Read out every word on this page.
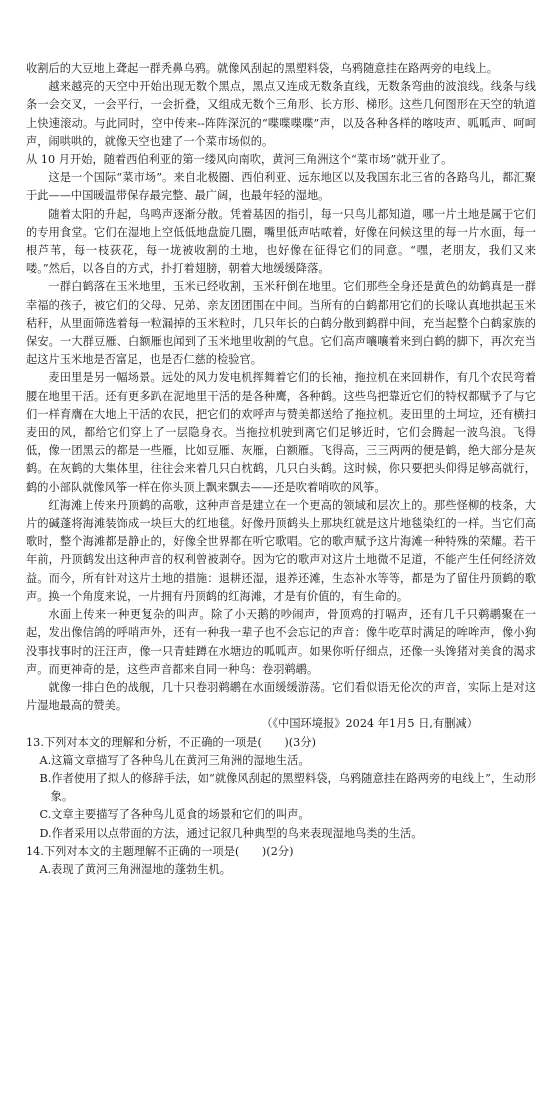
收割后的大豆地上聋起一群秃鼻乌鸦。就像风刮起的黑塑料袋，乌鸦随意挂在路两旁的电线上。

越来越亮的天空中开始出现无数个黑点，黑点又连成无数条直线，无数条弯曲的波浪线。线条与线条一会交叉，一会平行，一会折叠，又组成无数个三角形、长方形、梯形。这些几何图形在天空的轨道上快速滚动。与此同时，空中传来--阵阵深沉的“喋喋喋喋”声，以及各种各样的喀吱声、呱呱声、呵呵声，闹哄哄的，就像天空也建了一个菜市场似的。

从 10 月开始，随着西伯利亚的第一缕风向南吹，黄河三角洲这个“菜市场”就开业了。

这是一个国际“菜市场”。来自北极圈、西伯利亚、远东地区以及我国东北三省的各路鸟儿，都汇聚于此——中国暖温带保存最完整、最广阔，也最年轻的湿地。

随着太阳的升起，鸟鸣声逐渐分散。凭着基因的指引，每一只鸟儿都知道，哪一片土地是属于它们的专用食堂。它们在湿地上空低低地盘旋几圈，嘴里低声咕哝着，好像在问候这里的每一片水面，每一根芦苇，每一枝荻花，每一垅被收割的土地，也好像在征得它们的同意。“嘿，老朋友，我们又来喽。”然后，以各自的方式，扑打着翅膀，朝着大地缓缓降落。

一群白鹤落在玉米地里，玉米已经收割，玉米秆倒在地里。它们那些全身还是黄色的幼鹤真是一群幸福的孩子，被它们的父母、兄弟、亲友团团围在中间。当所有的白鹤都用它们的长喙认真地拱起玉米秸秆，从里面筛选着每一粒漏掉的玉米粒时，几只年长的白鹤分散到鹤群中间，充当起整个白鹤家族的保安。一大群豆雁、白额雁也闻到了玉米地里收割的气息。它们高声嚷嚷着来到白鹤的脚下，再次充当起这片玉米地是否富足，也是否仁慈的检验官。

麦田里是另一幅场景。远处的风力发电机挥舞着它们的长袖，拖拉机在来回耕作，有几个农民弯着腰在地里干活。还有更多趴在泥地里干活的是各种鹰，各种鹤。这些鸟把靠近它们的特权都赋予了与它们一样育膺在大地上干活的农民，把它们的欢呼声与赞美都送给了拖拉机。麦田里的土坷垃，还有横扫麦田的风，都给它们穿上了一层隐身衣。当拖拉机驶到离它们足够近时，它们会腾起一波鸟浪。飞得低，像一团黑云的都是一些雁，比如豆雁、灰雁，白额雁。飞得高，三三两两的便是鹤，绝大部分是灰鹤。在灰鹤的大集体里，往往会来着几只白枕鹤，几只白头鹤。这时候，你只要把头仰得足够高就行，鹤的小部队就像风筝一样在你头顶上飘来飘去——还是吹着哨吹的风筝。

红海滩上传来丹顶鹤的高歌，这种声音是建立在一个更高的领域和层次上的。那些怪柳的枝条，大片的碱蓬将海滩装饰成一块巨大的红地毯。好像丹顶鹤头上那块红就是这片地毯染红的一样。当它们高歌时，整个海滩都是静止的，好像全世界都在听它歌唱。它的歌声赋予这片海滩一种特殊的荣耀。若干年前，丹顶鹤发出这种声音的权利曾被剥夺。因为它的歌声对这片土地微不足道，不能产生任何经济效益。而今，所有针对这片土地的措施：退耕还湿，退养还滩，生态补水等等，都是为了留住丹顶鹤的歌声。换一个角度来说，一片拥有丹顶鹤的红海滩，才是有价值的，有生命的。

水面上传来一种更复杂的叫声。除了小天鹅的吵闹声，骨顶鸡的打嗝声，还有几千只鹈鹕聚在一起，发出像信鸽的呼哨声外，还有一种我一辈子也不会忘记的声音：像牛吃草时满足的哞哞声，像小狗没事找事时的汪汪声，像一只青蛙蹲在水塘边的呱呱声。如果你听仔细点，还像一头馋猪对美食的渴求声。而更神奇的是，这些声音都来自同一种鸟：卷羽鹈鹕。

就像一排白色的战舰，几十只卷羽鹈鹕在水面缓缓游荡。它们看似语无伦次的声音，实际上是对这片湿地最高的赞美。

（《中国环境报》2024 年1月5 日,有删减）

13.下列对本文的理解和分析，不正确的一项是(　　)(3分)

A.这篇文章描写了各种鸟儿在黄河三角洲的湿地生活。

B.作者使用了拟人的修辞手法，如“就像风刮起的黑塑料袋，乌鸦随意挂在路两旁的电线上”，生动形象。

C.文章主要描写了各种鸟儿觅食的场景和它们的叫声。

D.作者采用以点带面的方法，通过记叙几种典型的鸟来表现湿地鸟类的生活。

14.下列对本文的主题理解不正确的一项是(　　)(2分)

A.表现了黄河三角洲湿地的蓬勃生机。
